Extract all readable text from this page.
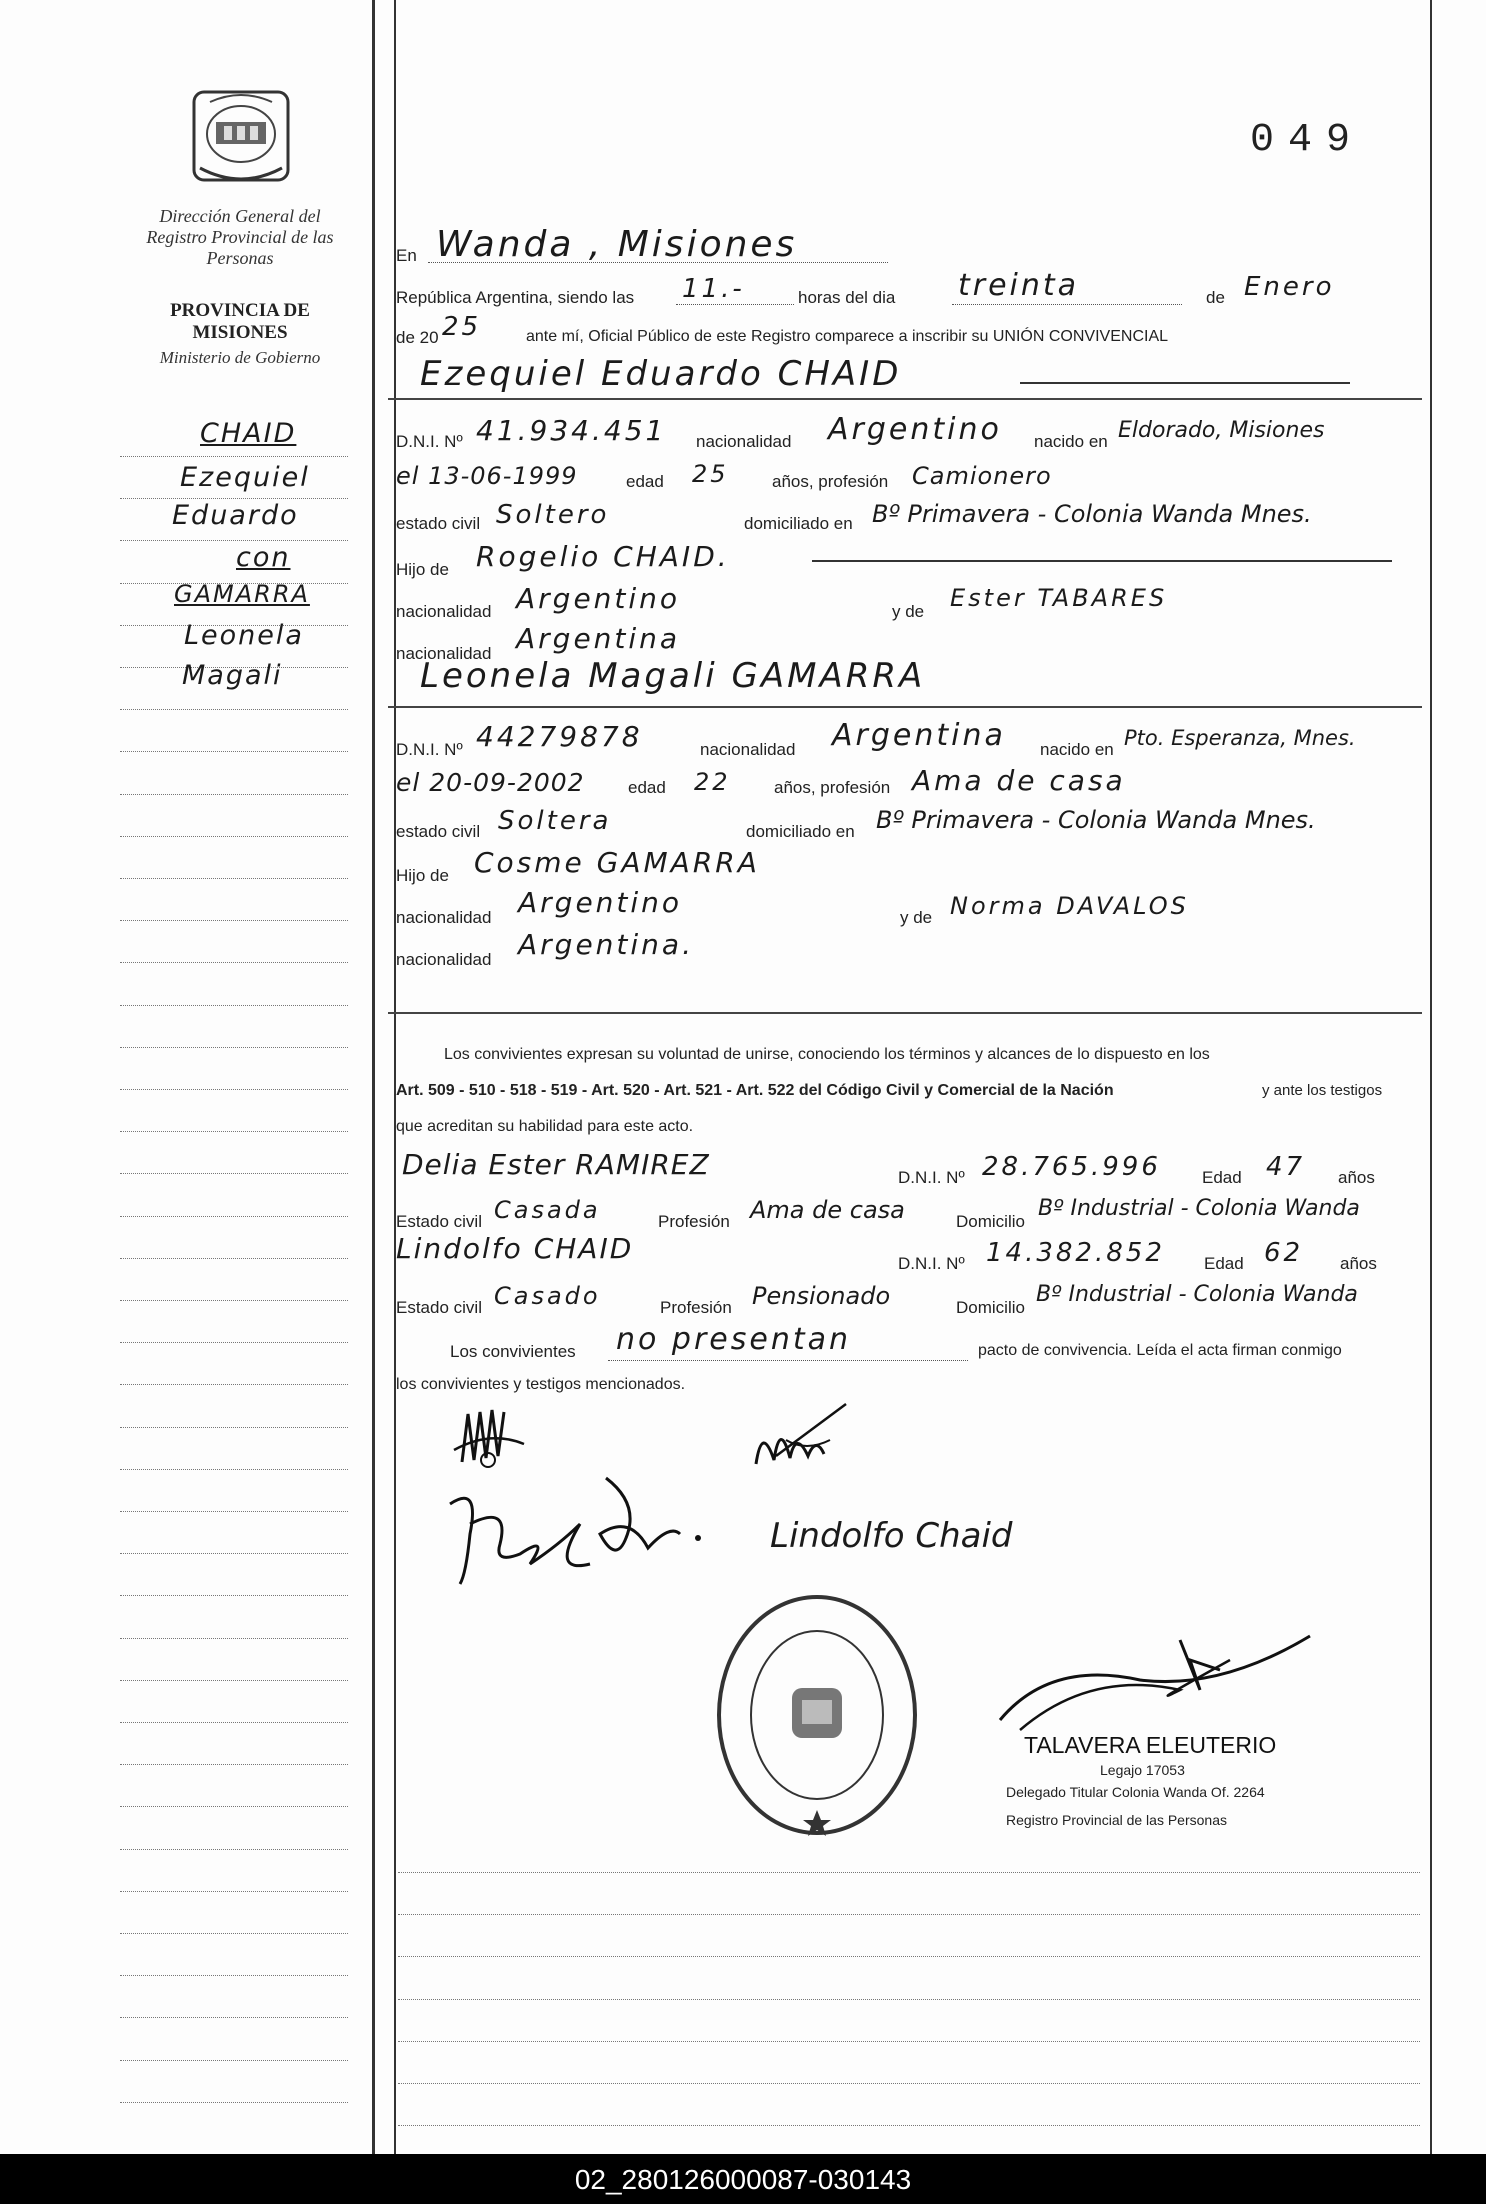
Dirección General del Registro Provincial de las Personas
PROVINCIA DE MISIONES
Ministerio de Gobierno
CHAID
Ezequiel
Eduardo
con
GAMARRA
Leonela
Magali
049
En Wanda , Misiones
República Argentina, siendo las 11.-	horas del dia treinta	de Enero
de 20 25	ante mí, Oficial Público de este Registro comparece a inscribir su UNIÓN CONVIVENCIAL
Ezequiel Eduardo CHAID
D.N.I. Nº 41.934.451 nacionalidad Argentino nacido en Eldorado, Misiones
el 13-06-1999	edad 25	años, profesión Camionero
estado civil Soltero	domiciliado en Bº Primavera - Colonia Wanda Mnes.
Hijo de Rogelio CHAID.
nacionalidad Argentino	y de Ester TABARES
nacionalidad Argentina
Leonela Magali GAMARRA
D.N.I. Nº 44279878	nacionalidad Argentina nacido en Pto. Esperanza, Mnes.
el 20-09-2002	edad 22	años, profesión Ama de casa
estado civil Soltera	domiciliado en Bº Primavera - Colonia Wanda Mnes.
Hijo de Cosme GAMARRA
nacionalidad Argentino	y de Norma DAVALOS
nacionalidad Argentina.
Los convivientes expresan su voluntad de unirse, conociendo los términos y alcances de lo dispuesto en los
Art. 509 - 510 - 518 - 519 - Art. 520 - Art. 521 - Art. 522 del Código Civil y Comercial de la Nación	y ante los testigos
que acreditan su habilidad para este acto.
Delia Ester RAMIREZ	D.N.I. Nº 28.765.996 Edad 47 años
Estado civil Casada	Profesión Ama de casa	Domicilio
Bº Industrial - Colonia Wanda
Lindolfo CHAID	D.N.I. Nº 14.382.852 Edad 62 años
Estado civil Casado	Profesión Pensionado	Domicilio
Bº Industrial - Colonia Wanda
Los convivientes no presentan	pacto de convivencia. Leída el acta firman conmigo
los convivientes y testigos mencionados.
Lindolfo Chaid
TALAVERA ELEUTERIO
Legajo 17053
Delegado Titular Colonia Wanda Of. 2264
Registro Provincial de las Personas
02_280126000087-030143
